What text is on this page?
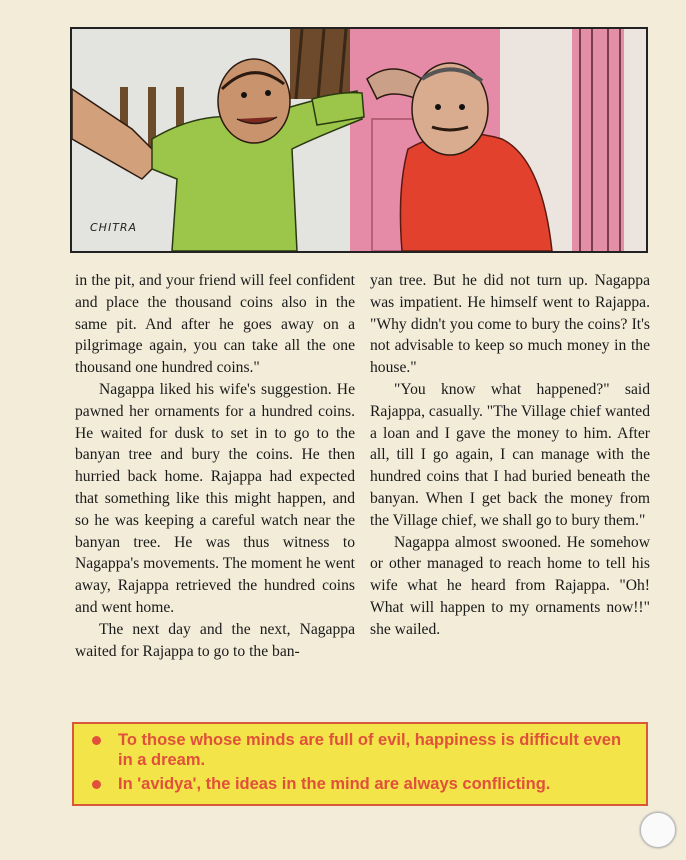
CHITRA

in the pit, and your friend will feel confident and place the thousand coins also in the same pit. And after he goes away on a pilgrimage again, you can take all the one thousand one hundred coins."

Nagappa liked his wife's suggestion. He pawned her ornaments for a hundred coins. He waited for dusk to set in to go to the banyan tree and bury the coins. He then hurried back home. Rajappa had expected that something like this might happen, and so he was keeping a careful watch near the banyan tree. He was thus witness to Nagappa's movements. The moment he went away, Rajappa retrieved the hundred coins and went home.

The next day and the next, Nagappa waited for Rajappa to go to the ban-

yan tree. But he did not turn up. Nagappa was impatient. He himself went to Rajappa. "Why didn't you come to bury the coins? It's not advisable to keep so much money in the house."

"You know what happened?" said Rajappa, casually. "The Village chief wanted a loan and I gave the money to him. After all, till I go again, I can manage with the hundred coins that I had buried beneath the banyan. When I get back the money from the Village chief, we shall go to bury them."

Nagappa almost swooned. He somehow or other managed to reach home to tell his wife what he heard from Rajappa. "Oh! What will happen to my ornaments now!!" she wailed.

To those whose minds are full of evil, happiness is difficult even in a dream.
In 'avidya', the ideas in the mind are always conflicting.
